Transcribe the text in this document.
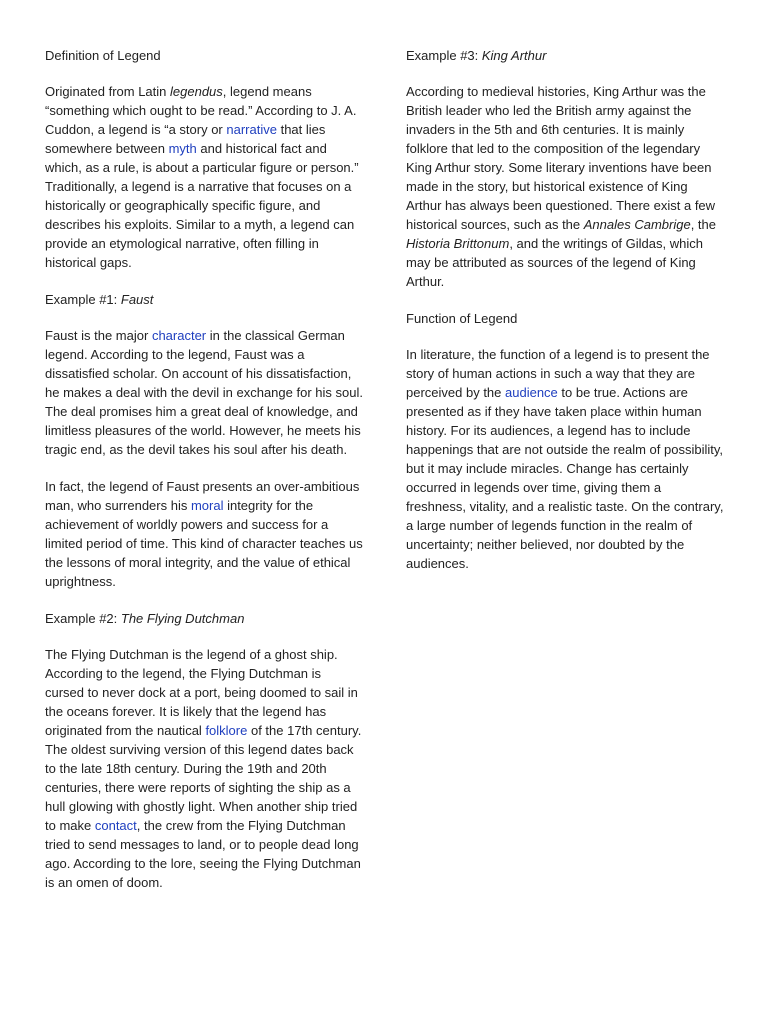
Definition of Legend

Originated from Latin legendus, legend means “something which ought to be read.” According to J. A. Cuddon, a legend is “a story or narrative that lies somewhere between myth and historical fact and which, as a rule, is about a particular figure or person.” Traditionally, a legend is a narrative that focuses on a historically or geographically specific figure, and describes his exploits. Similar to a myth, a legend can provide an etymological narrative, often filling in historical gaps.

Example #1: Faust

Faust is the major character in the classical German legend. According to the legend, Faust was a dissatisfied scholar. On account of his dissatisfaction, he makes a deal with the devil in exchange for his soul. The deal promises him a great deal of knowledge, and limitless pleasures of the world. However, he meets his tragic end, as the devil takes his soul after his death.

In fact, the legend of Faust presents an over-ambitious man, who surrenders his moral integrity for the achievement of worldly powers and success for a limited period of time. This kind of character teaches us the lessons of moral integrity, and the value of ethical uprightness.

Example #2: The Flying Dutchman

The Flying Dutchman is the legend of a ghost ship. According to the legend, the Flying Dutchman is cursed to never dock at a port, being doomed to sail in the oceans forever. It is likely that the legend has originated from the nautical folklore of the 17th century. The oldest surviving version of this legend dates back to the late 18th century. During the 19th and 20th centuries, there were reports of sighting the ship as a hull glowing with ghostly light. When another ship tried to make contact, the crew from the Flying Dutchman tried to send messages to land, or to people dead long ago. According to the lore, seeing the Flying Dutchman is an omen of doom.

Example #3: King Arthur

According to medieval histories, King Arthur was the British leader who led the British army against the invaders in the 5th and 6th centuries. It is mainly folklore that led to the composition of the legendary King Arthur story. Some literary inventions have been made in the story, but historical existence of King Arthur has always been questioned. There exist a few historical sources, such as the Annales Cambrige, the Historia Brittonum, and the writings of Gildas, which may be attributed as sources of the legend of King Arthur.

Function of Legend

In literature, the function of a legend is to present the story of human actions in such a way that they are perceived by the audience to be true. Actions are presented as if they have taken place within human history. For its audiences, a legend has to include happenings that are not outside the realm of possibility, but it may include miracles. Change has certainly occurred in legends over time, giving them a freshness, vitality, and a realistic taste. On the contrary, a large number of legends function in the realm of uncertainty; neither believed, nor doubted by the audiences.
